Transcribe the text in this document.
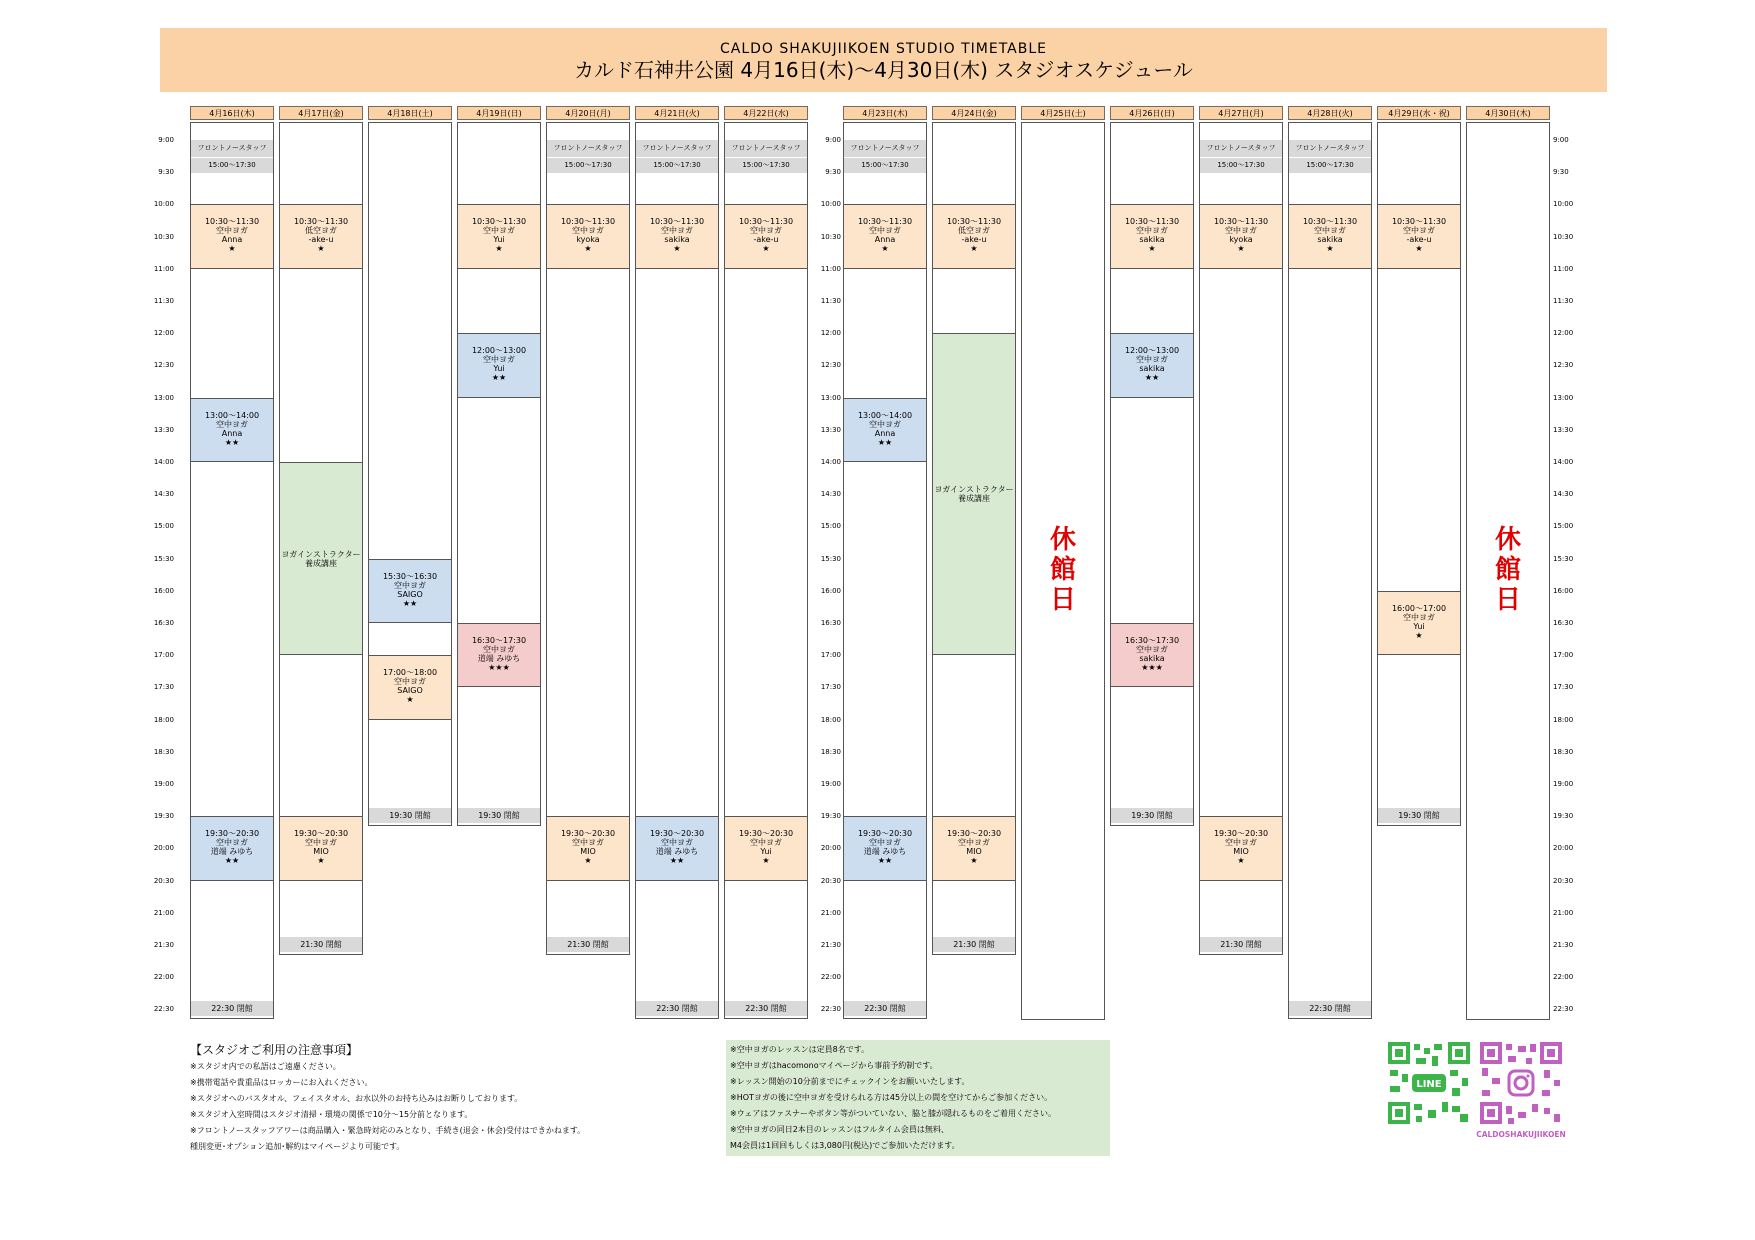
CALDO SHAKUJIIKOEN STUDIO TIMETABLE
カルド石神井公園 4月16日(木)～4月30日(木) スタジオスケジュール
9:00
9:30
10:00
10:30
11:00
11:30
12:00
12:30
13:00
13:30
14:00
14:30
15:00
15:30
16:00
16:30
17:00
17:30
18:00
18:30
19:00
19:30
20:00
20:30
21:00
21:30
22:00
22:30
9:00
9:30
10:00
10:30
11:00
11:30
12:00
12:30
13:00
13:30
14:00
14:30
15:00
15:30
16:00
16:30
17:00
17:30
18:00
18:30
19:00
19:30
20:00
20:30
21:00
21:30
22:00
22:30
9:00
9:30
10:00
10:30
11:00
11:30
12:00
12:30
13:00
13:30
14:00
14:30
15:00
15:30
16:00
16:30
17:00
17:30
18:00
18:30
19:00
19:30
20:00
20:30
21:00
21:30
22:00
22:30
4月16日(木)
フロントノースタッフ
15:00～17:30
10:30～11:30
空中ヨガ
Anna
★
13:00～14:00
空中ヨガ
Anna
★★
19:30～20:30
空中ヨガ
道端 みゆち
★★
22:30 閉館
4月17日(金)
10:30～11:30
低空ヨガ
-ake-u
★
ヨガインストラクター
養成講座
19:30～20:30
空中ヨガ
MIO
★
21:30 閉館
4月18日(土)
15:30～16:30
空中ヨガ
SAIGO
★★
17:00～18:00
空中ヨガ
SAIGO
★
19:30 閉館
4月19日(日)
10:30～11:30
空中ヨガ
Yui
★
12:00～13:00
空中ヨガ
Yui
★★
16:30～17:30
空中ヨガ
道端 みゆち
★★★
19:30 閉館
4月20日(月)
フロントノースタッフ
15:00～17:30
10:30～11:30
空中ヨガ
kyoka
★
19:30～20:30
空中ヨガ
MIO
★
21:30 閉館
4月21日(火)
フロントノースタッフ
15:00～17:30
10:30～11:30
空中ヨガ
sakika
★
19:30～20:30
空中ヨガ
道端 みゆち
★★
22:30 閉館
4月22日(水)
フロントノースタッフ
15:00～17:30
10:30～11:30
空中ヨガ
-ake-u
★
19:30～20:30
空中ヨガ
Yui
★
22:30 閉館
4月23日(木)
フロントノースタッフ
15:00～17:30
10:30～11:30
空中ヨガ
Anna
★
13:00～14:00
空中ヨガ
Anna
★★
19:30～20:30
空中ヨガ
道端 みゆち
★★
22:30 閉館
4月24日(金)
10:30～11:30
低空ヨガ
-ake-u
★
ヨガインストラクター
養成講座
19:30～20:30
空中ヨガ
MIO
★
21:30 閉館
4月25日(土)
休
館
日
4月26日(日)
10:30～11:30
空中ヨガ
sakika
★
12:00～13:00
空中ヨガ
sakika
★★
16:30～17:30
空中ヨガ
sakika
★★★
19:30 閉館
4月27日(月)
フロントノースタッフ
15:00～17:30
10:30～11:30
空中ヨガ
kyoka
★
19:30～20:30
空中ヨガ
MIO
★
21:30 閉館
4月28日(火)
フロントノースタッフ
15:00～17:30
10:30～11:30
空中ヨガ
sakika
★
22:30 閉館
4月29日(水・祝)
10:30～11:30
空中ヨガ
-ake-u
★
16:00～17:00
空中ヨガ
Yui
★
19:30 閉館
4月30日(木)
休
館
日
【スタジオご利用の注意事項】
※スタジオ内での私語はご遠慮ください。
※携帯電話や貴重品はロッカーにお入れください。
※スタジオへのバスタオル、フェイスタオル、お水以外のお持ち込みはお断りしております。
※スタジオ入室時間はスタジオ清掃・環境の関係で10分～15分前となります。
※フロントノースタッフアワーは商品購入・緊急時対応のみとなり、手続き(退会・休会)受付はできかねます。
種別変更･オプション追加･解約はマイページより可能です。
※空中ヨガのレッスンは定員8名です。
※空中ヨガはhacomonoマイページから事前予約制です。
※レッスン開始の10分前までにチェックインをお願いいたします。
※HOTヨガの後に空中ヨガを受けられる方は45分以上の間を空けてからご参加ください。
※ウェアはファスナーやボタン等がついていない、脇と膝が隠れるものをご着用ください。
※空中ヨガの同日2本目のレッスンはフルタイム会員は無料、
M4会員は1回回もしくは3,080円(税込)でご参加いただけます。
LINE
CALDOSHAKUJIIKOEN
